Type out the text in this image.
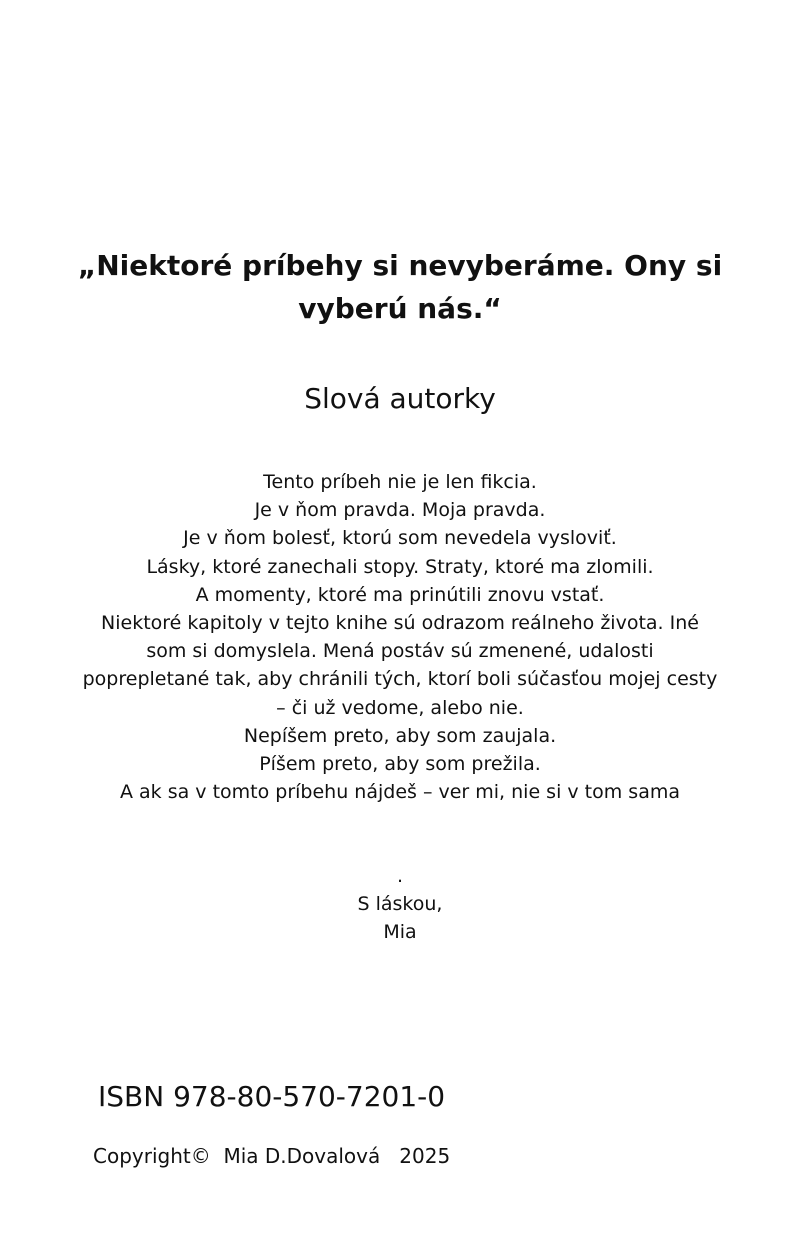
„Niektoré príbehy si nevyberáme. Ony si vyberú nás.“
Slová autorky
Tento príbeh nie je len fikcia.
Je v ňom pravda. Moja pravda.
Je v ňom bolesť, ktorú som nevedela vysloviť.
Lásky, ktoré zanechali stopy. Straty, ktoré ma zlomili.
A momenty, ktoré ma prinútili znovu vstať.
Niektoré kapitoly v tejto knihe sú odrazom reálneho života. Iné
som si domyslela. Mená postáv sú zmenené, udalosti
poprepletané tak, aby chránili tých, ktorí boli súčasťou mojej cesty
– či už vedome, alebo nie.
Nepíšem preto, aby som zaujala.
Píšem preto, aby som prežila.
A ak sa v tomto príbehu nájdeš – ver mi, nie si v tom sama
.
S láskou,
Mia

ISBN 978-80-570-7201-0

Copyright©  Mia D.Dovalová   2025
